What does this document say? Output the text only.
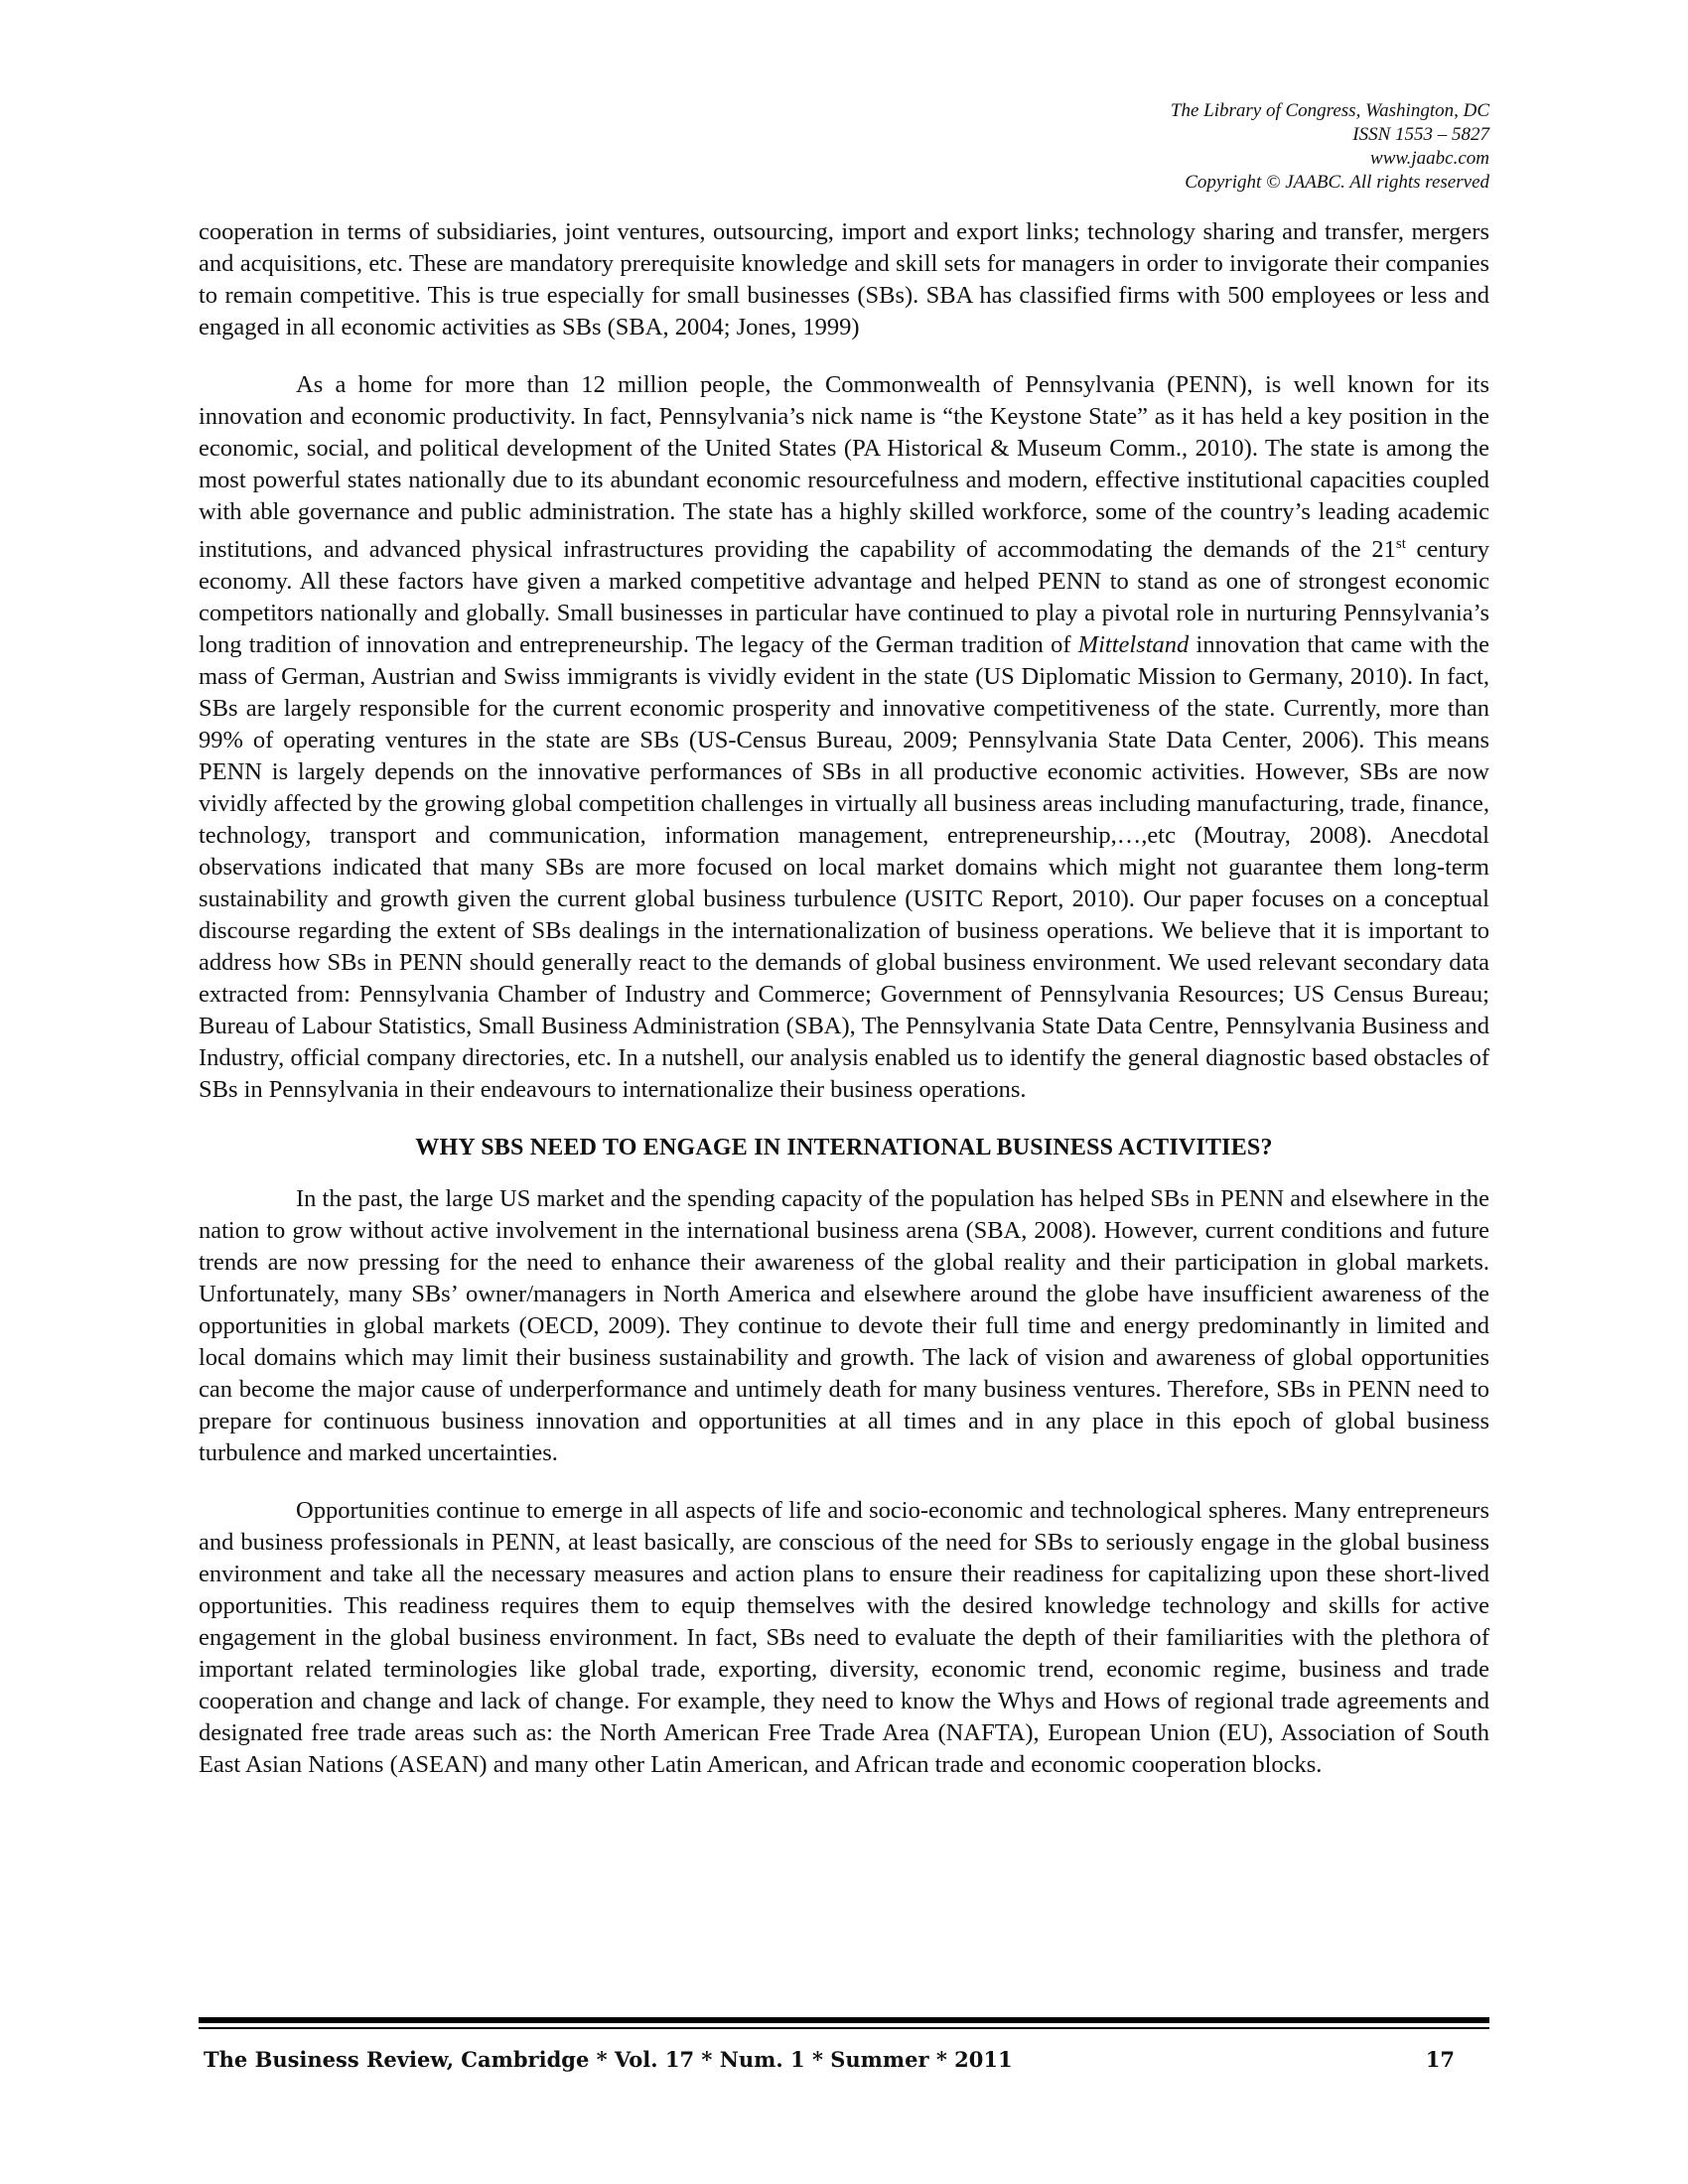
The Library of Congress, Washington, DC
ISSN 1553 – 5827
www.jaabc.com
Copyright © JAABC. All rights reserved

cooperation in terms of subsidiaries, joint ventures, outsourcing, import and export links; technology sharing and transfer, mergers and acquisitions, etc. These are mandatory prerequisite knowledge and skill sets for managers in order to invigorate their companies to remain competitive. This is true especially for small businesses (SBs). SBA has classified firms with 500 employees or less and engaged in all economic activities as SBs (SBA, 2004; Jones, 1999)

As a home for more than 12 million people, the Commonwealth of Pennsylvania (PENN), is well known for its innovation and economic productivity. In fact, Pennsylvania’s nick name is “the Keystone State” as it has held a key position in the economic, social, and political development of the United States (PA Historical & Museum Comm., 2010). The state is among the most powerful states nationally due to its abundant economic resourcefulness and modern, effective institutional capacities coupled with able governance and public administration. The state has a highly skilled workforce, some of the country’s leading academic institutions, and advanced physical infrastructures providing the capability of accommodating the demands of the 21st century economy. All these factors have given a marked competitive advantage and helped PENN to stand as one of strongest economic competitors nationally and globally. Small businesses in particular have continued to play a pivotal role in nurturing Pennsylvania’s long tradition of innovation and entrepreneurship. The legacy of the German tradition of Mittelstand innovation that came with the mass of German, Austrian and Swiss immigrants is vividly evident in the state (US Diplomatic Mission to Germany, 2010). In fact, SBs are largely responsible for the current economic prosperity and innovative competitiveness of the state. Currently, more than 99% of operating ventures in the state are SBs (US-Census Bureau, 2009; Pennsylvania State Data Center, 2006). This means PENN is largely depends on the innovative performances of SBs in all productive economic activities. However, SBs are now vividly affected by the growing global competition challenges in virtually all business areas including manufacturing, trade, finance, technology, transport and communication, information management, entrepreneurship,…,etc (Moutray, 2008). Anecdotal observations indicated that many SBs are more focused on local market domains which might not guarantee them long-term sustainability and growth given the current global business turbulence (USITC Report, 2010). Our paper focuses on a conceptual discourse regarding the extent of SBs dealings in the internationalization of business operations. We believe that it is important to address how SBs in PENN should generally react to the demands of global business environment. We used relevant secondary data extracted from: Pennsylvania Chamber of Industry and Commerce; Government of Pennsylvania Resources; US Census Bureau; Bureau of Labour Statistics, Small Business Administration (SBA), The Pennsylvania State Data Centre, Pennsylvania Business and Industry, official company directories, etc. In a nutshell, our analysis enabled us to identify the general diagnostic based obstacles of SBs in Pennsylvania in their endeavours to internationalize their business operations.

WHY SBS NEED TO ENGAGE IN INTERNATIONAL BUSINESS ACTIVITIES?

In the past, the large US market and the spending capacity of the population has helped SBs in PENN and elsewhere in the nation to grow without active involvement in the international business arena (SBA, 2008). However, current conditions and future trends are now pressing for the need to enhance their awareness of the global reality and their participation in global markets. Unfortunately, many SBs’ owner/managers in North America and elsewhere around the globe have insufficient awareness of the opportunities in global markets (OECD, 2009). They continue to devote their full time and energy predominantly in limited and local domains which may limit their business sustainability and growth. The lack of vision and awareness of global opportunities can become the major cause of underperformance and untimely death for many business ventures. Therefore, SBs in PENN need to prepare for continuous business innovation and opportunities at all times and in any place in this epoch of global business turbulence and marked uncertainties.

Opportunities continue to emerge in all aspects of life and socio-economic and technological spheres. Many entrepreneurs and business professionals in PENN, at least basically, are conscious of the need for SBs to seriously engage in the global business environment and take all the necessary measures and action plans to ensure their readiness for capitalizing upon these short-lived opportunities. This readiness requires them to equip themselves with the desired knowledge technology and skills for active engagement in the global business environment. In fact, SBs need to evaluate the depth of their familiarities with the plethora of important related terminologies like global trade, exporting, diversity, economic trend, economic regime, business and trade cooperation and change and lack of change. For example, they need to know the Whys and Hows of regional trade agreements and designated free trade areas such as: the North American Free Trade Area (NAFTA), European Union (EU), Association of South East Asian Nations (ASEAN) and many other Latin American, and African trade and economic cooperation blocks.

The Business Review, Cambridge * Vol. 17 * Num. 1 * Summer * 2011	17
